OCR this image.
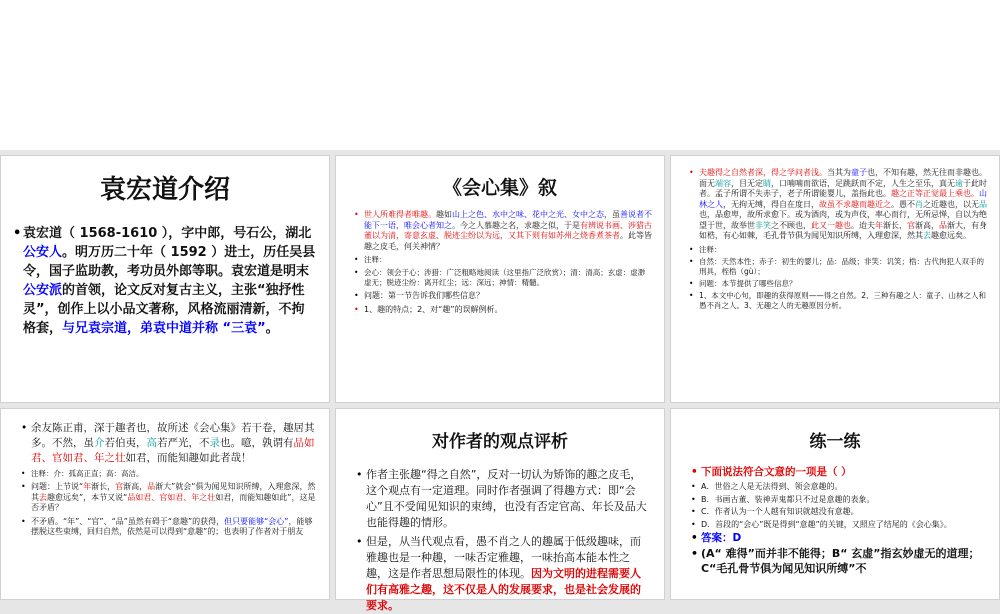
袁宏道介绍
• 袁宏道（ 1568-1610 ），字中郎，号石公，湖北公安人。明万历二十年（ 1592 ）进士，历任吴县令，国子监助教，考功员外郎等职。袁宏道是明末公安派的首领，论文反对复古主义，主张“独抒性灵”，创作上以小品文著称，风格流丽清新，不拘格套，与兄袁宗道，弟袁中道并称 “三袁”。
《会心集》叙
• 世人所难得者唯趣。趣如山上之色、水中之味、花中之光、女中之态，虽善说者不能下一语，唯会心者知之。今之人慕趣之名，求趣之似，于是有辨说书画、涉猎古董以为清，寄意玄虚、脱迹尘纷以为远，又其下则有如苏州之烧香煮茶者。此等皆趣之皮毛，何关神情？
• 注释：
• 会心：领会于心；涉猎：广泛粗略地阅读（这里指广泛欣赏）；清：清高；玄虚：虚渺虚无；脱迹尘纷：离开红尘；远：深远；神情：精髓。
• 问题：第一节告诉我们哪些信息？
• 1、趣的特点；2、对“趣”的误解例析。
• 夫趣得之自然者深，得之学问者浅。当其为童子也，不知有趣，然无往而非趣也。面无端容，目无定睛，口喃喃而欲语，足跳跃而不定，人生之至乐，真无逾于此时者。孟子所谓不失赤子，老子所谓能婴儿，盖指此也。趣之正等正觉最上乘也。山林之人，无拘无缚，得自在度日，故虽不求趣而趣近之。愚不肖之近趣也，以无品也，品愈卑，故所求愈下。或为酒肉，或为声伎，率心而行，无所忌惮，自以为绝望于世，故举世非笑之不顾也，此又一趣也。迨夫年渐长，官渐高，品渐大，有身如梏，有心如棘，毛孔骨节俱为闻见知识所缚，入理愈深，然其去趣愈远矣。
• 注释：
• 自然：天然本性；赤子：初生的婴儿；品：品级；非笑：讥笑；梏：古代拘犯人双手的刑具，桎梏（gù）；
• 问题：本节提供了哪些信息？
• 1、本文中心句，即趣的获得原则——得之自然。2、三种有趣之人：童子、山林之人和愚不肖之人。3、无趣之人的无趣原因分析。
• 余友陈正甫，深于趣者也，故所述《会心集》若干卷，趣居其多。不然，虽介若伯夷，高若严光，不录也。噫，孰谓有品如君、官如君、年之壮如君，而能知趣如此者哉！
• 注释：介：孤高正直；高：高洁。
• 问题：上节说“年渐长，官渐高，品渐大”就会“俱为闻见知识所缚，入理愈深，然其去趣愈远矣”，本节又说“品如君、官如君、年之壮如君，而能知趣如此”，这是否矛盾？
• 不矛盾。“年”、“官”、“品”虽然有碍于“意趣”的获得，但只要能够“会心”，能够摆脱这些束缚，回归自然，依然是可以得到“意趣”的；也表明了作者对于朋友
对作者的观点评析
• 作者主张趣“得之自然”，反对一切认为矫饰的趣之皮毛，这个观点有一定道理。同时作者强调了得趣方式：即“会心”且不受闻见知识的束缚，也没有否定官高、年长及品大也能得趣的情形。
• 但是，从当代观点看，愚不肖之人的趣属于低级趣味，而雅趣也是一种趣，一味否定雅趣，一味抬高本能本性之趣，这是作者思想局限性的体现。因为文明的进程需要人们有高雅之趣，这不仅是人的发展要求，也是社会发展的要求。
练一练
• 下面说法符合文意的一项是（ ）
• A．世俗之人是无法得到、领会意趣的。
• B．书画古董、装神弄鬼都只不过是意趣的表象。
• C．作者认为一个人越有知识就越没有意趣。
• D．首段的“会心”既是得到“意趣”的关键，又照应了结尾的《会心集》。
• 答案：D
• (A“ 难得”而并非不能得；B“ 玄虚”指玄妙虚无的道理；C“毛孔骨节俱为闻见知识所缚”不
